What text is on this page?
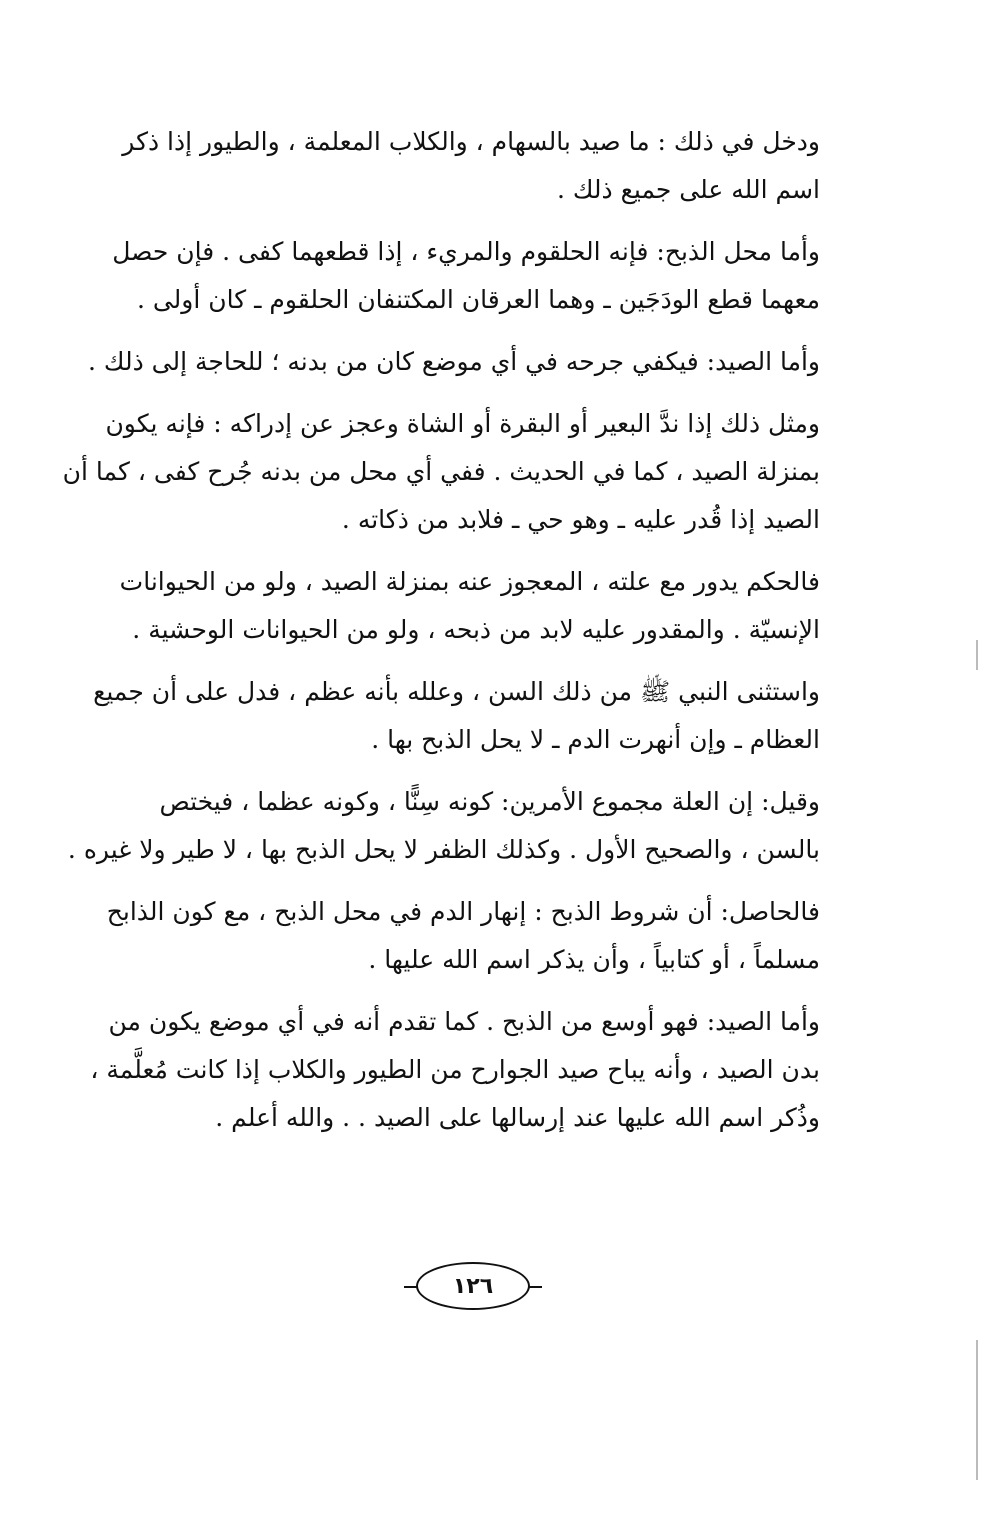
ودخل في ذلك : ما صيد بالسهام ، والكلاب المعلمة ، والطيور إذا ذكر
اسم الله على جميع ذلك .

وأما محل الذبح: فإنه الحلقوم والمريء ، إذا قطعهما كفى . فإن حصل
معهما قطع الودَجَين ـ وهما العرقان المكتنفان الحلقوم ـ كان أولى .

وأما الصيد: فيكفي جرحه في أي موضع كان من بدنه ؛ للحاجة إلى ذلك .

ومثل ذلك إذا ندَّ البعير أو البقرة أو الشاة وعجز عن إدراكه : فإنه يكون
بمنزلة الصيد ، كما في الحديث . ففي أي محل من بدنه جُرح كفى ، كما أن
الصيد إذا قُدر عليه ـ وهو حي ـ فلابد من ذكاته .

فالحكم يدور مع علته ، المعجوز عنه بمنزلة الصيد ، ولو من الحيوانات
الإنسيّة . والمقدور عليه لابد من ذبحه ، ولو من الحيوانات الوحشية .

واستثنى النبي ﷺ من ذلك السن ، وعلله بأنه عظم ، فدل على أن جميع
العظام ـ وإن أنهرت الدم ـ لا يحل الذبح بها .

وقيل: إن العلة مجموع الأمرين: كونه سِنًّا ، وكونه عظما ، فيختص
بالسن ، والصحيح الأول . وكذلك الظفر لا يحل الذبح بها ، لا طير ولا غيره .

فالحاصل: أن شروط الذبح : إنهار الدم في محل الذبح ، مع كون الذابح
مسلماً ، أو كتابياً ، وأن يذكر اسم الله عليها .

وأما الصيد: فهو أوسع من الذبح . كما تقدم أنه في أي موضع يكون من
بدن الصيد ، وأنه يباح صيد الجوارح من الطيور والكلاب إذا كانت مُعلَّمة ،
وذُكر اسم الله عليها عند إرسالها على الصيد . . والله أعلم .

١٢٦
